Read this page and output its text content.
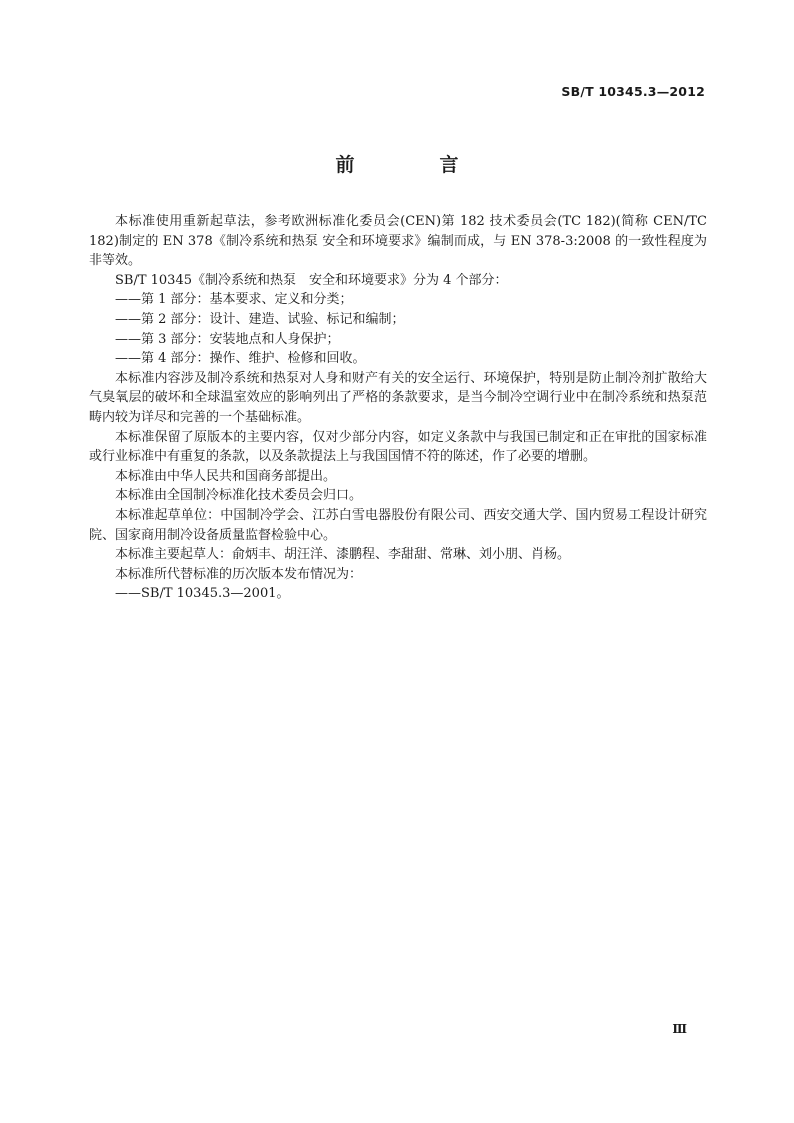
SB/T 10345.3—2012
前　言

本标准使用重新起草法，参考欧洲标准化委员会(CEN)第 182 技术委员会(TC 182)(简称 CEN/TC 182)制定的 EN 378《制冷系统和热泵 安全和环境要求》编制而成，与 EN 378-3:2008 的一致性程度为非等效。

SB/T 10345《制冷系统和热泵　安全和环境要求》分为 4 个部分：

——第 1 部分：基本要求、定义和分类；

——第 2 部分：设计、建造、试验、标记和编制；

——第 3 部分：安装地点和人身保护；

——第 4 部分：操作、维护、检修和回收。

本标准内容涉及制冷系统和热泵对人身和财产有关的安全运行、环境保护，特别是防止制冷剂扩散给大气臭氧层的破坏和全球温室效应的影响列出了严格的条款要求，是当今制冷空调行业中在制冷系统和热泵范畴内较为详尽和完善的一个基础标准。

本标准保留了原版本的主要内容，仅对少部分内容，如定义条款中与我国已制定和正在审批的国家标准或行业标准中有重复的条款，以及条款提法上与我国国情不符的陈述，作了必要的增删。

本标准由中华人民共和国商务部提出。

本标准由全国制冷标准化技术委员会归口。

本标准起草单位：中国制冷学会、江苏白雪电器股份有限公司、西安交通大学、国内贸易工程设计研究院、国家商用制冷设备质量监督检验中心。

本标准主要起草人：俞炳丰、胡汪洋、漆鹏程、李甜甜、常琳、刘小朋、肖杨。

本标准所代替标准的历次版本发布情况为：

——SB/T 10345.3—2001。

Ⅲ
